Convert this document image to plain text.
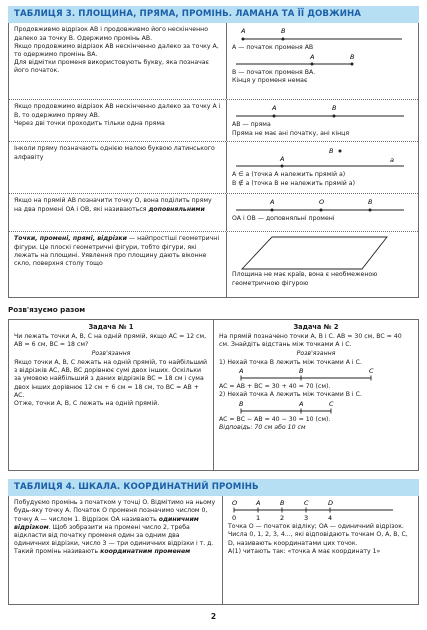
ТАБЛИЦЯ 3. ПЛОЩИНА, ПРЯМА, ПРОМІНЬ. ЛАМАНА ТА ЇЇ ДОВЖИНА
Продовживмо відрізок AB і продовживмо його нескінченно далеко за точку B. Одержимо промінь AB.
Якщо продовжимо відрізок AB нескінченно далеко за точку A, то одержимо промінь BA.
Для відмітки променя використовують букву, яка позначає його початок.
A	B
A — початок променя AB
A	B
B — початок променя BA.
Кінця у променя немає
Якщо продовжимо відрізок AB нескінченно далеко за точку A і B, то одержимо пряму AB.
Через дві точки проходить тільки одна пряма
A	B
AB — пряма
Пряма не має ані початку, ані кінця
Інколи пряму позначають однією малою буквою латинського алфавіту
B
A	a
A ∈ a (точка A належить прямій a)
B ∉ a (точка B не належить прямій a)
Якщо на прямій AB позначити точку O, вона поділить пряму на два промені OA і OB, які називаються доповняльними
A	O	B
OA і OB — доповняльні промені
Точки, промені, прямі, відрізки — найпростіші геометричні фігури. Це плоскі геометричні фігури, тобто фігури, які лежать на площині. Уявлення про площину дають віконне скло, поверхня столу тощо
Площина не має країв, вона є необмеженою геометричною фігурою
Розв'язуємо разом
Задача № 1
Чи лежать точки A, B, C на одній прямій, якщо AC = 12 см, AB = 6 см, BC = 18 см?
Розв'язання
Якщо точки A, B, C лежать на одній прямій, то найбільший з відрізків AC, AB, BC дорівнює сумі двох інших. Оскільки за умовою найбільший з даних відрізків BC = 18 см і сума двох інших дорівнює 12 см + 6 см = 18 см, то BC = AB + AC.
Отже, точки A, B, C лежать на одній прямій.
Задача № 2
На прямій позначено точки A, B і C. AB = 30 см, BC = 40 см. Знайдіть відстань між точками A і C.
Розв'язання
1) Нехай точка B лежить між точками A і C.
A	B	C
AC = AB + BC = 30 + 40 = 70 (см).
2) Нехай точка A лежить між точками B і C.
B	A	C
AC = BC − AB = 40 − 30 = 10 (см).
Відповідь: 70 см або 10 см
ТАБЛИЦЯ 4. ШКАЛА. КООРДИНАТНИЙ ПРОМІНЬ
Побудуємо промінь з початком у точці O. Відмітимо на ньому будь-яку точку A. Початок O променя позначимо числом 0, точку A — числом 1. Відрізок OA називають одиничним відрізком. Щоб зобразити на промені число 2, треба відкласти від початку променя один за одним два одиничних відрізки, число 3 — три одиничних відрізки і т. д.
Такий промінь називають координатним променем
O	A	B	C	D
0	1	2	3	4
Точка O — початок відліку; OA — одиничний відрізок.
Числа 0, 1, 2, 3, 4..., які відповідають точкам O, A, B, C, D, називають координатами цих точок.
A(1) читають так: «точка A має координату 1»
2
